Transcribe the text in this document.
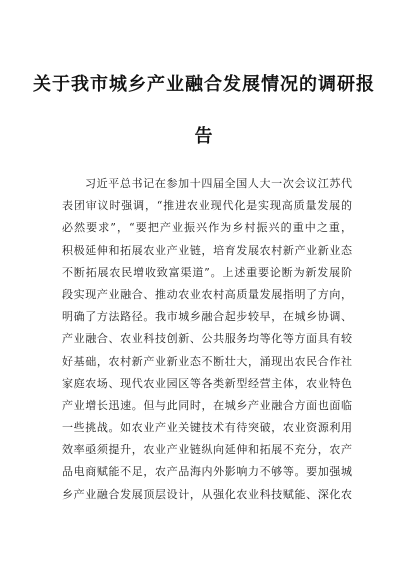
关于我市城乡产业融合发展情况的调研报
告
习近平总书记在参加十四届全国人大一次会议江苏代
表团审议时强调，“推进农业现代化是实现高质量发展的
必然要求”，“要把产业振兴作为乡村振兴的重中之重，
积极延伸和拓展农业产业链，培育发展农村新产业新业态
不断拓展农民增收致富渠道”。上述重要论断为新发展阶
段实现产业融合、推动农业农村高质量发展指明了方向，
明确了方法路径。我市城乡融合起步较早，在城乡协调、
产业融合、农业科技创新、公共服务均等化等方面具有较
好基础，农村新产业新业态不断壮大，涌现出农民合作社
家庭农场、现代农业园区等各类新型经营主体，农业特色
产业增长迅速。但与此同时，在城乡产业融合方面也面临
一些挑战。如农业产业关键技术有待突破，农业资源利用
效率亟须提升，农业产业链纵向延伸和拓展不充分，农产
品电商赋能不足，农产品海内外影响力不够等。要加强城
乡产业融合发展顶层设计，从强化农业科技赋能、深化农
